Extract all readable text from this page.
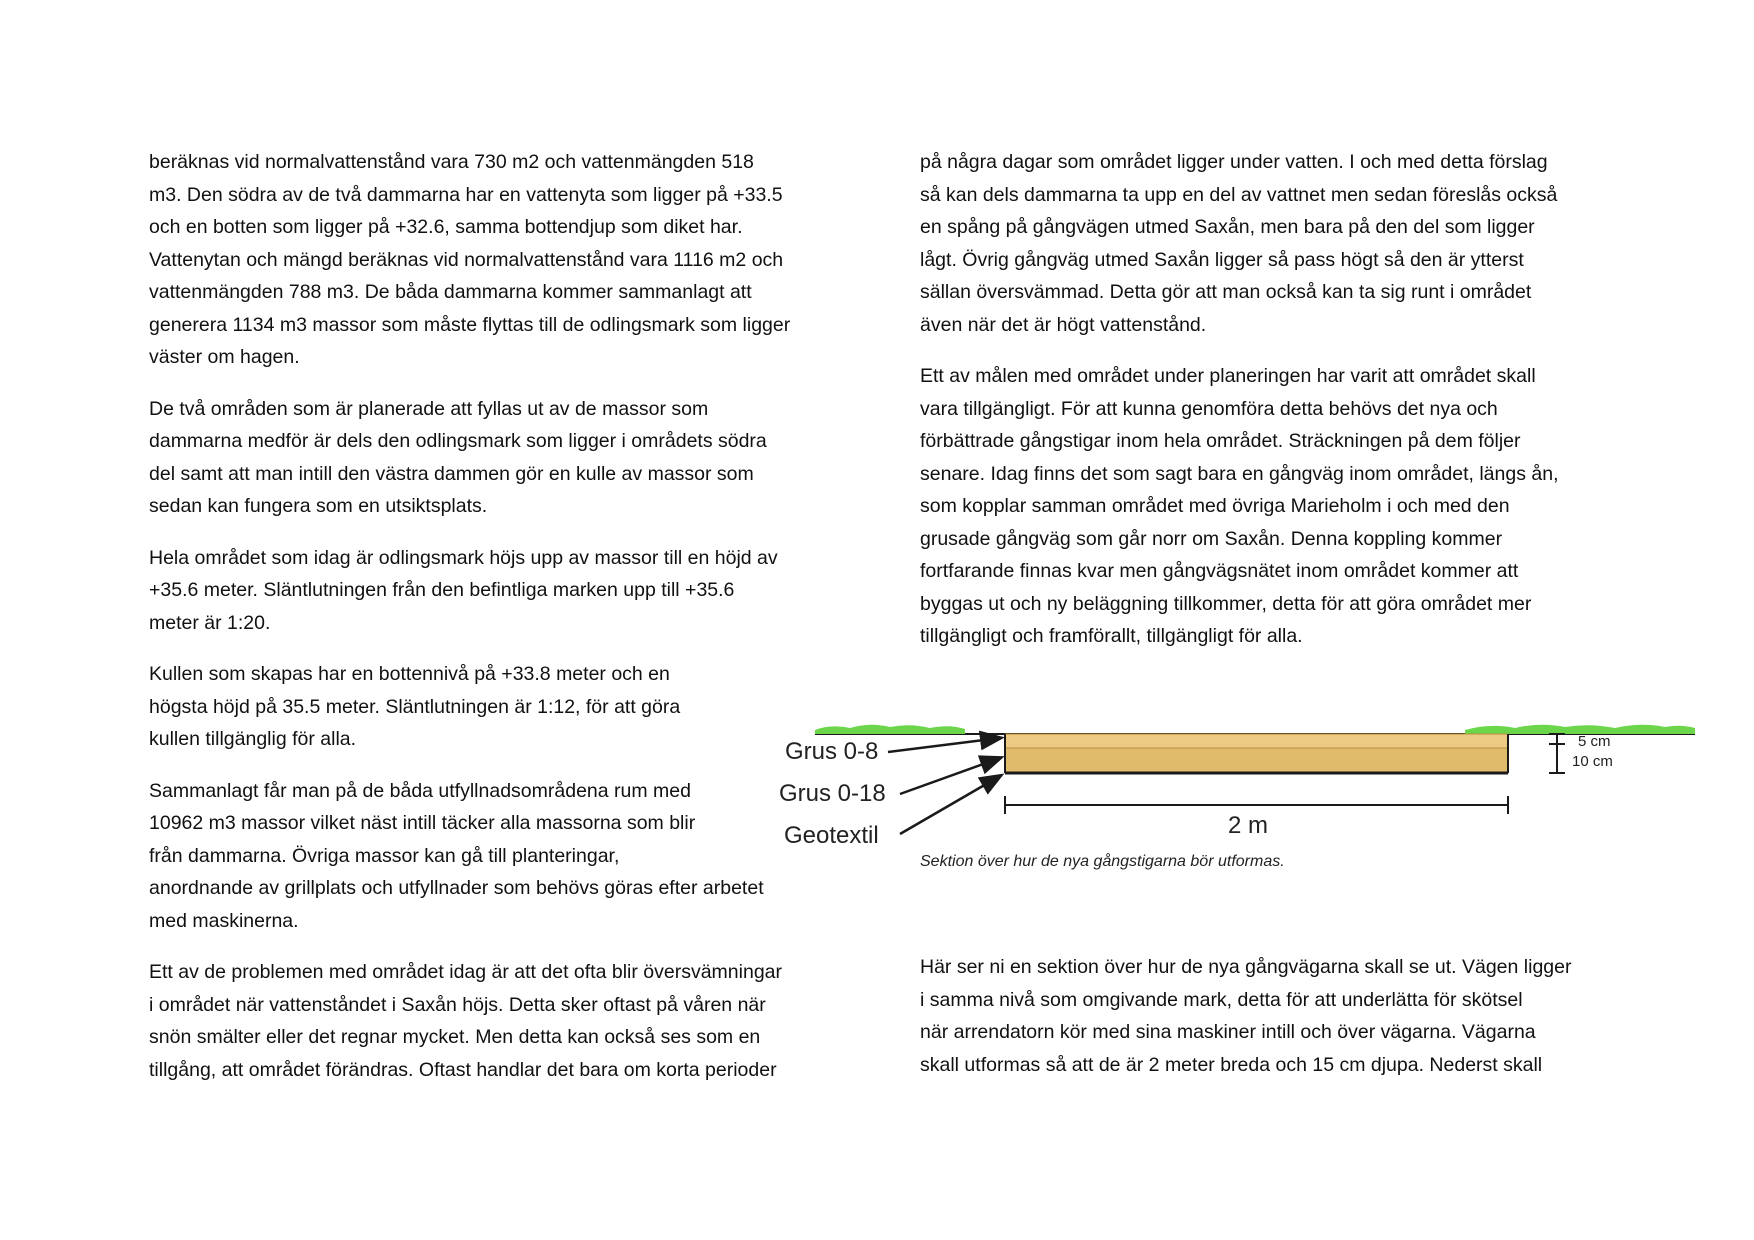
beräknas vid normalvattenstånd vara 730 m2 och vattenmängden 518
m3. Den södra av de två dammarna har en vattenyta som ligger på +33.5
och en botten som ligger på +32.6, samma bottendjup som diket har.
Vattenytan och mängd beräknas vid normalvattenstånd vara 1116 m2 och
vattenmängden 788 m3. De båda dammarna kommer sammanlagt att
generera 1134 m3 massor som måste flyttas till de odlingsmark som ligger
väster om hagen.

De två områden som är planerade att fyllas ut av de massor som
dammarna medför är dels den odlingsmark som ligger i områdets södra
del samt att man intill den västra dammen gör en kulle av massor som
sedan kan fungera som en utsiktsplats.

Hela området som idag är odlingsmark höjs upp av massor till en höjd av
+35.6 meter. Släntlutningen från den befintliga marken upp till +35.6
meter är 1:20.

Kullen som skapas har en bottennivå på +33.8 meter och en
högsta höjd på 35.5 meter. Släntlutningen är 1:12, för att göra
kullen tillgänglig för alla.

Sammanlagt får man på de båda utfyllnadsområdena rum med
10962 m3 massor vilket näst intill täcker alla massorna som blir
från dammarna. Övriga massor kan gå till planteringar,
anordnande av grillplats och utfyllnader som behövs göras efter arbetet
med maskinerna.

Ett av de problemen med området idag är att det ofta blir översvämningar
i området när vattenståndet i Saxån höjs. Detta sker oftast på våren när
snön smälter eller det regnar mycket. Men detta kan också ses som en
tillgång, att området förändras. Oftast handlar det bara om korta perioder

på några dagar som området ligger under vatten. I och med detta förslag
så kan dels dammarna ta upp en del av vattnet men sedan föreslås också
en spång på gångvägen utmed Saxån, men bara på den del som ligger
lågt. Övrig gångväg utmed Saxån ligger så pass högt så den är ytterst
sällan översvämmad. Detta gör att man också kan ta sig runt i området
även när det är högt vattenstånd.

Ett av målen med området under planeringen har varit att området skall
vara tillgängligt. För att kunna genomföra detta behövs det nya och
förbättrade gångstigar inom hela området. Sträckningen på dem följer
senare. Idag finns det som sagt bara en gångväg inom området, längs ån,
som kopplar samman området med övriga Marieholm i och med den
grusade gångväg som går norr om Saxån. Denna koppling kommer
fortfarande finnas kvar men gångvägsnätet inom området kommer att
byggas ut och ny beläggning tillkommer, detta för att göra området mer
tillgängligt och framförallt, tillgängligt för alla.

Grus 0-8
Grus 0-18
Geotextil	2 m
5 cm
10 cm
Sektion över hur de nya gångstigarna bör utformas.

Här ser ni en sektion över hur de nya gångvägarna skall se ut. Vägen ligger
i samma nivå som omgivande mark, detta för att underlätta för skötsel
när arrendatorn kör med sina maskiner intill och över vägarna. Vägarna
skall utformas så att de är 2 meter breda och 15 cm djupa. Nederst skall
